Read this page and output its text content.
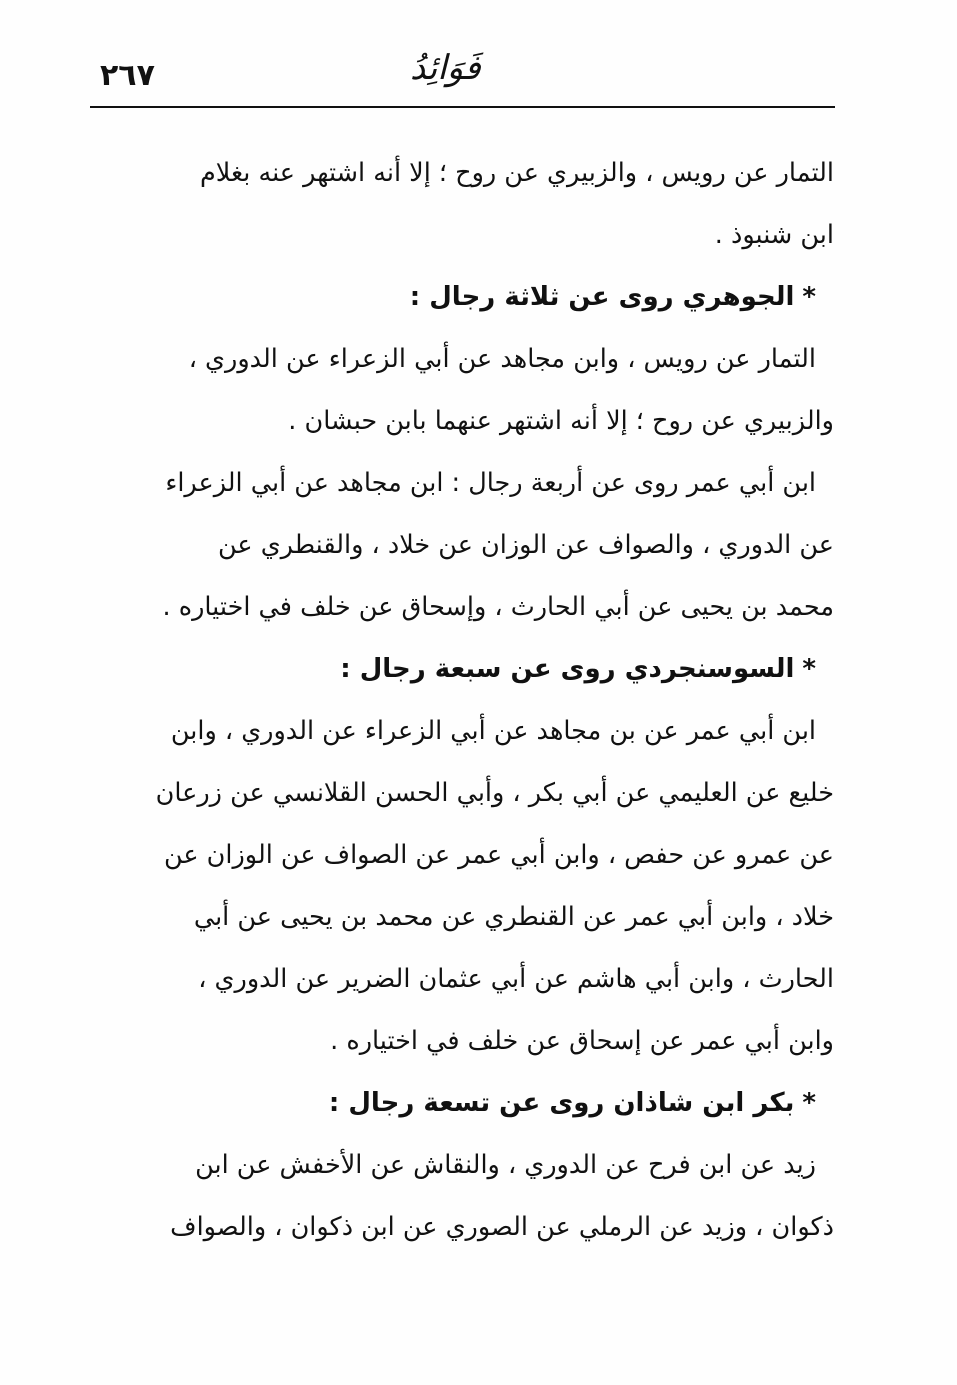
٢٦٧	فَوَائِدُ
التمار عن رويس ، والزبيري عن روح ؛ إلا أنه اشتهر عنه بغلام
ابن شنبوذ .
*الجوهري روى عن ثلاثة رجال :
التمار عن رويس ، وابن مجاهد عن أبي الزعراء عن الدوري ،
والزبيري عن روح ؛ إلا أنه اشتهر عنهما بابن حبشان .
ابن أبي عمر روى عن أربعة رجال : ابن مجاهد عن أبي الزعراء
عن الدوري ، والصواف عن الوزان عن خلاد ، والقنطري عن
محمد بن يحيى عن أبي الحارث ، وإسحاق عن خلف في اختياره .
*السوسنجردي روى عن سبعة رجال :
ابن أبي عمر عن بن مجاهد عن أبي الزعراء عن الدوري ، وابن
خليع عن العليمي عن أبي بكر ، وأبي الحسن القلانسي عن زرعان
عن عمرو عن حفص ، وابن أبي عمر عن الصواف عن الوزان عن
خلاد ، وابن أبي عمر عن القنطري عن محمد بن يحيى عن أبي
الحارث ، وابن أبي هاشم عن أبي عثمان الضرير عن الدوري ،
وابن أبي عمر عن إسحاق عن خلف في اختياره .
*بكر ابن شاذان روى عن تسعة رجال :
زيد عن ابن فرح عن الدوري ، والنقاش عن الأخفش عن ابن
ذكوان ، وزيد عن الرملي عن الصوري عن ابن ذكوان ، والصواف
